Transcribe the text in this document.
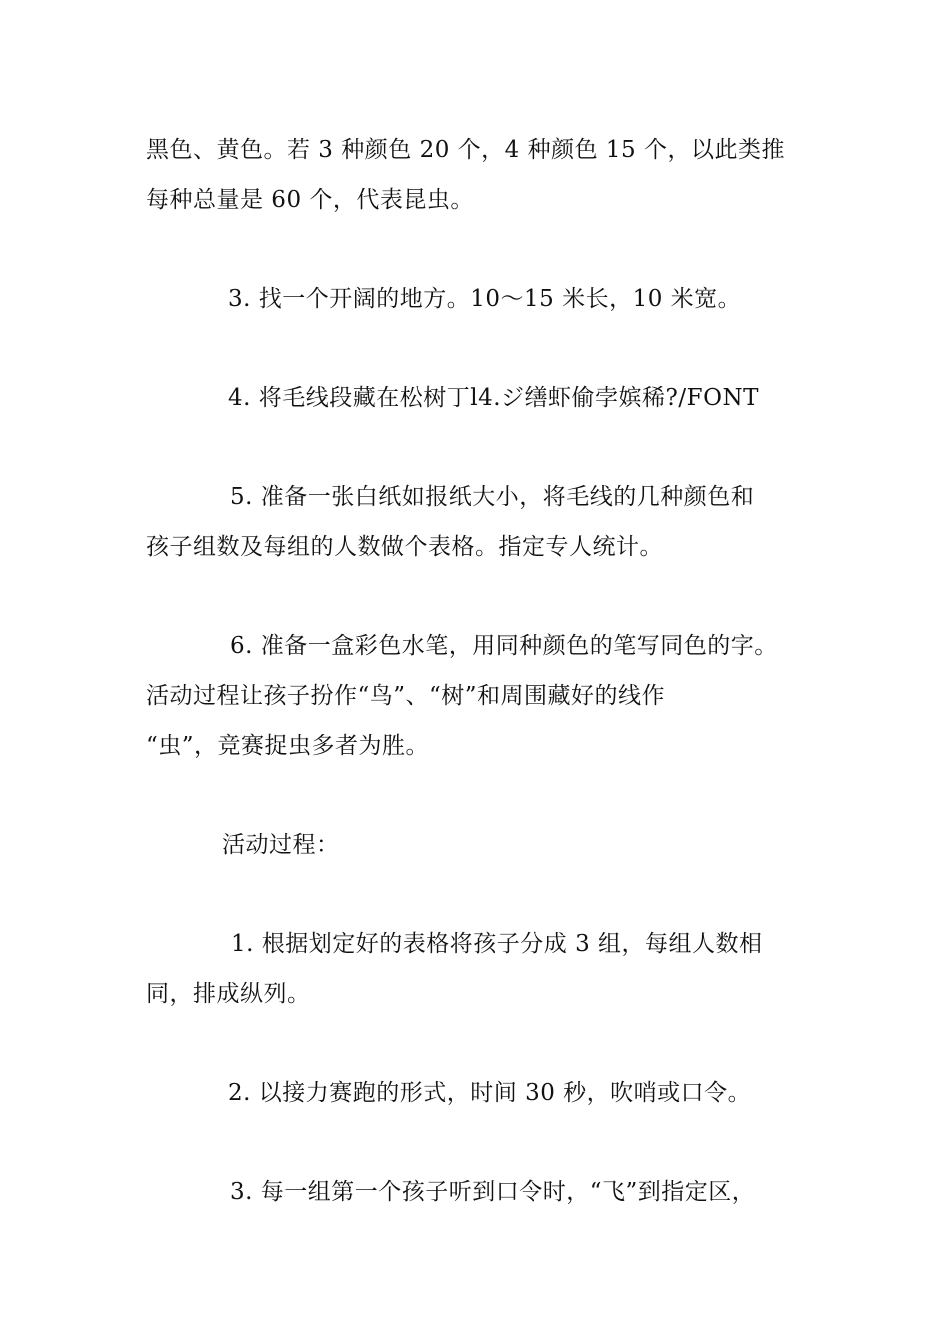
黑色、黄色。若 3 种颜色 20 个，4 种颜色 15 个，以此类推
每种总量是 60 个，代表昆虫。
3. 找一个开阔的地方。10～15 米长，10 米宽。
4. 将毛线段藏在松树丁l4.ジ缮虾偷孛嫔稀?/FONT
5. 准备一张白纸如报纸大小，将毛线的几种颜色和
孩子组数及每组的人数做个表格。指定专人统计。
6. 准备一盒彩色水笔，用同种颜色的笔写同色的字。
活动过程让孩子扮作“鸟”、“树”和周围藏好的线作
“虫”，竞赛捉虫多者为胜。
活动过程：
1. 根据划定好的表格将孩子分成 3 组，每组人数相
同，排成纵列。
2. 以接力赛跑的形式，时间 30 秒，吹哨或口令。
3. 每一组第一个孩子听到口令时，“飞”到指定区，
